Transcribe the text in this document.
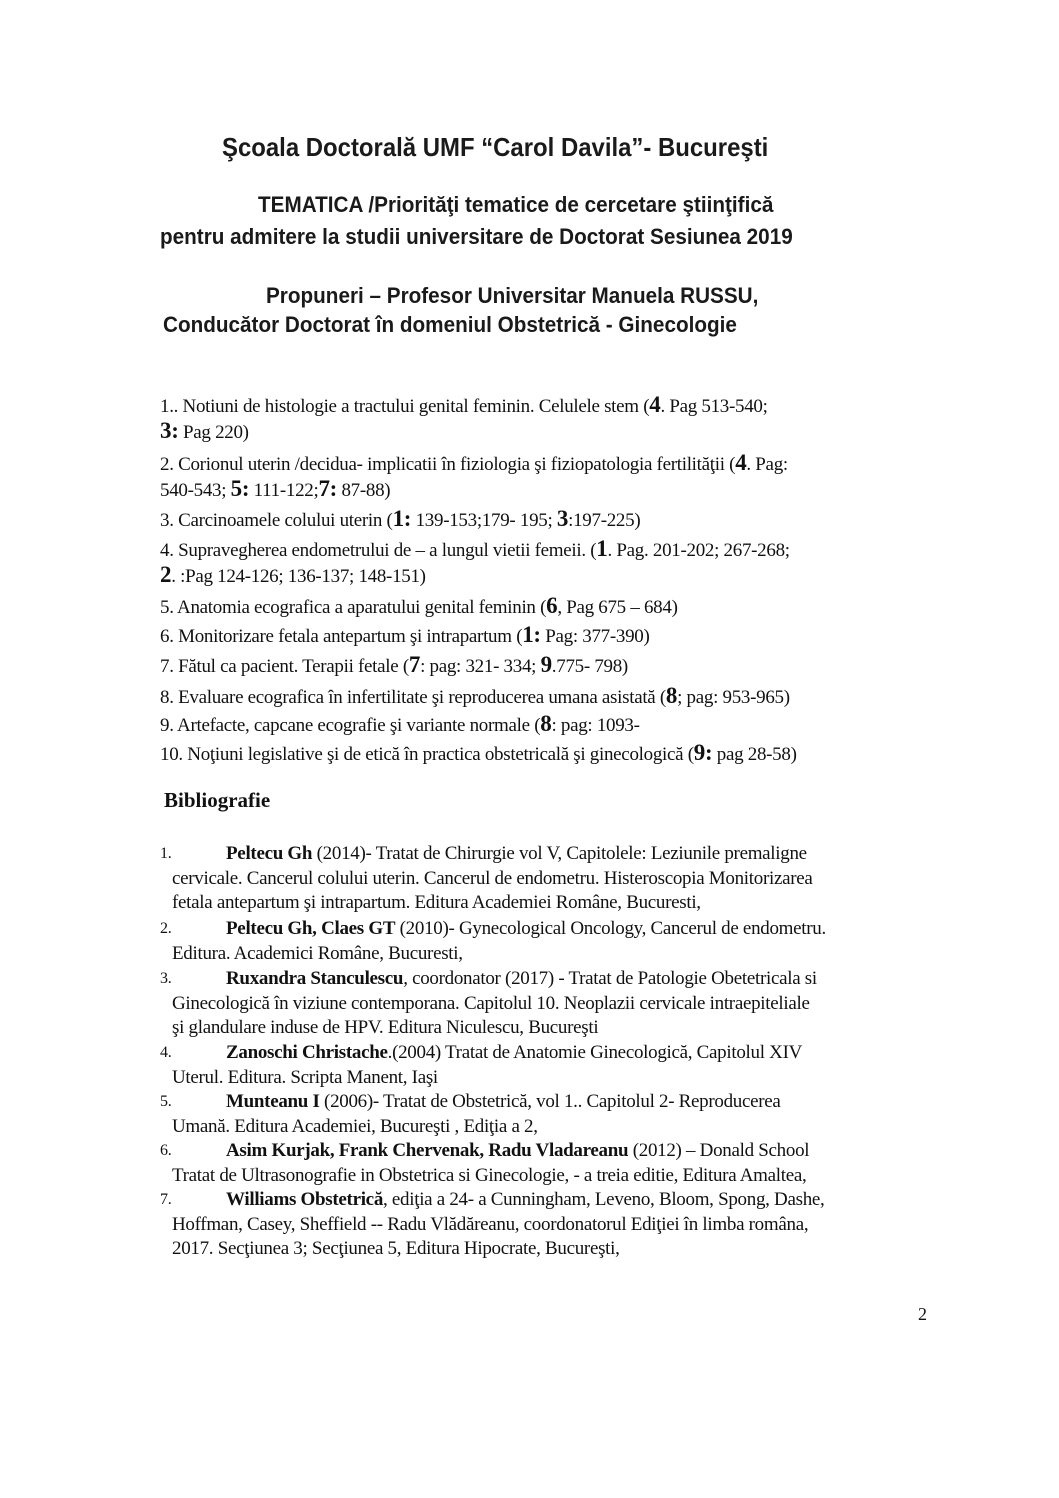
Şcoala Doctorală UMF “Carol Davila”- Bucureşti
TEMATICA /Priorităţi tematice de cercetare ştiinţifică
pentru admitere la studii universitare de Doctorat Sesiunea 2019
Propuneri – Profesor Universitar Manuela RUSSU,
Conducător Doctorat în domeniul Obstetrică - Ginecologie
1.. Notiuni de histologie a tractului genital feminin. Celulele stem (4. Pag 513-540;
3: Pag 220)
2. Corionul uterin /decidua- implicatii în fiziologia şi fiziopatologia fertilităţii (4. Pag:
540-543; 5: 111-122;7: 87-88)
3. Carcinoamele colului uterin (1: 139-153;179- 195; 3:197-225)
4. Supravegherea endometrului de – a lungul vietii femeii. (1. Pag. 201-202; 267-268;
2. :Pag 124-126; 136-137; 148-151)
5. Anatomia ecografica a aparatului genital feminin (6, Pag 675 – 684)
6. Monitorizare fetala antepartum şi intrapartum (1: Pag: 377-390)
7. Fătul ca pacient. Terapii fetale (7: pag: 321- 334; 9.775- 798)
8. Evaluare ecografica în infertilitate şi reproducerea umana asistată (8; pag: 953-965)
9. Artefacte, capcane ecografie şi variante normale (8: pag: 1093-
10. Noţiuni legislative şi de etică în practica obstetricală şi ginecologică (9: pag 28-58)
Bibliografie
1.	Peltecu Gh (2014)- Tratat de Chirurgie vol V, Capitolele: Leziunile premaligne
cervicale. Cancerul colului uterin. Cancerul de endometru. Histeroscopia Monitorizarea
fetala antepartum şi intrapartum. Editura Academiei Române, Bucuresti,
2.	Peltecu Gh, Claes GT (2010)- Gynecological Oncology, Cancerul de endometru.
Editura. Academici Române, Bucuresti,
3.	Ruxandra Stanculescu, coordonator (2017) - Tratat de Patologie Obetetricala si
Ginecologică în viziune contemporana. Capitolul 10. Neoplazii cervicale intraepiteliale
şi glandulare induse de HPV. Editura Niculescu, Bucureşti
4.	Zanoschi Christache.(2004) Tratat de Anatomie Ginecologică, Capitolul XIV
Uterul. Editura. Scripta Manent, Iaşi
5.	Munteanu I (2006)- Tratat de Obstetrică, vol 1.. Capitolul 2- Reproducerea
Umană. Editura Academiei, Bucureşti , Ediţia a 2,
6.	Asim Kurjak, Frank Chervenak, Radu Vladareanu (2012) – Donald School
Tratat de Ultrasonografie in Obstetrica si Ginecologie, - a treia editie, Editura Amaltea,
7.	Williams Obstetrică, ediţia a 24- a Cunningham, Leveno, Bloom, Spong, Dashe,
Hoffman, Casey, Sheffield -- Radu Vlădăreanu, coordonatorul Ediţiei în limba româna,
2017. Secţiunea 3; Secţiunea 5, Editura Hipocrate, Bucureşti,
2
